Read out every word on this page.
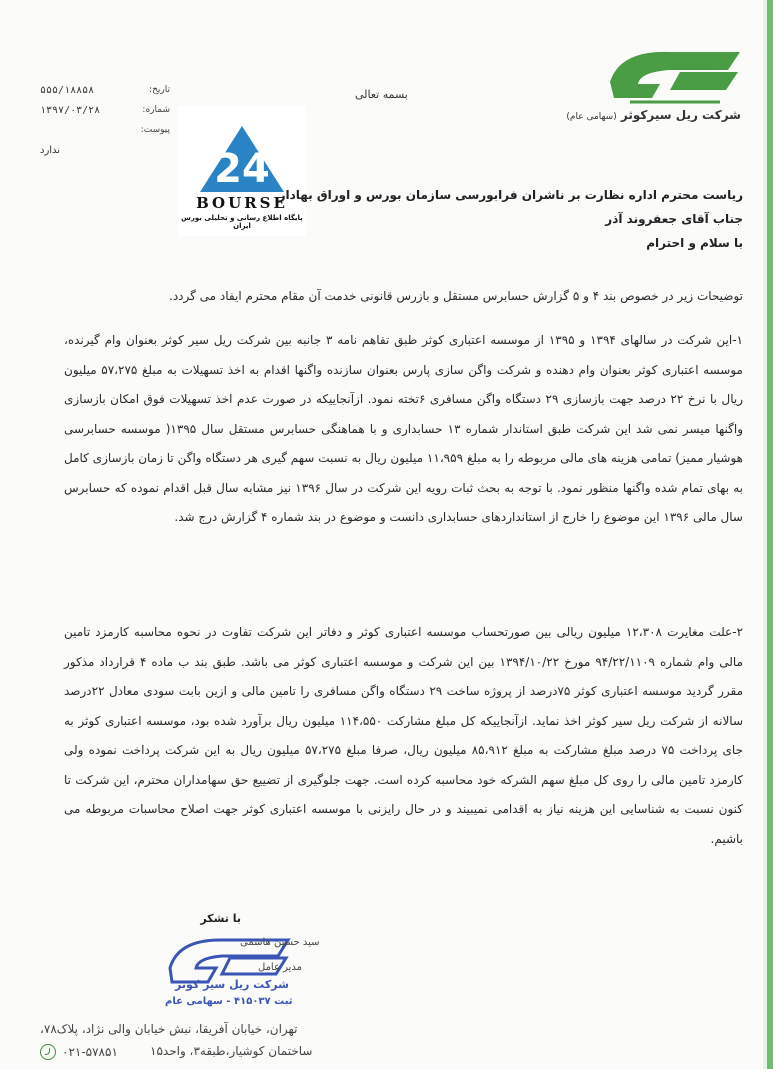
شرکت ریل سیرکوثر (سهامی عام)
بسمه تعالی
تاریخ:
۵۵۵/۱۸۸۵۸
شماره:
۱۳۹۷/۰۳/۲۸
پیوست:
ندارد	24
BOURSE
پایگاه اطلاع رسانی و تحلیلی بورس ایران
ریاست محترم اداره نظارت بر ناشران فرابورسی سازمان بورس و اوراق بهادار
جناب آقای جعفروند آذر
با سلام و احترام

توضیحات زیر در خصوص بند ۴ و ۵ گزارش حسابرس مستقل و بازرس قانونی خدمت آن مقام محترم ایفاد می گردد.

۱-این شرکت در سالهای ۱۳۹۴ و ۱۳۹۵ از موسسه اعتباری کوثر طبق تفاهم نامه ۳ جانبه بین شرکت ریل سیر کوثر بعنوان وام گیرنده، موسسه اعتباری کوثر بعنوان وام دهنده و شرکت واگن سازی پارس بعنوان سازنده واگنها اقدام به اخذ تسهیلات به مبلغ ۵۷،۲۷۵ میلیون ریال با نرخ ۲۲ درصد جهت بازسازی ۲۹ دستگاه واگن مسافری ۶تخته نمود. ازآنجاییکه در صورت عدم اخذ تسهیلات فوق امکان بازسازی واگنها میسر نمی شد این شرکت طبق استاندار شماره ۱۳ حسابداری و با هماهنگی حسابرس مستقل سال ۱۳۹۵( موسسه حسابرسی هوشیار ممیز) تمامی هزینه های مالی مربوطه را به مبلغ ۱۱،۹۵۹ میلیون ریال به نسبت سهم گیری هر دستگاه واگن تا زمان بازسازی کامل به بهای تمام شده واگنها منظور نمود. با توجه به بحث ثبات رویه این شرکت در سال ۱۳۹۶ نیز مشابه سال قبل اقدام نموده که حسابرس سال مالی ۱۳۹۶ این موضوع را خارج از استانداردهای حسابداری دانست و موضوع در بند شماره ۴ گزارش درج شد.

۲-علت مغایرت ۱۲،۳۰۸ میلیون ریالی بین صورتحساب موسسه اعتباری کوثر و دفاتر این شرکت تفاوت در نحوه محاسبه کارمزد تامین مالی وام شماره ۹۴/۲۲/۱۱۰۹ مورخ ۱۳۹۴/۱۰/۲۲ بین این شرکت و موسسه اعتباری کوثر می باشد. طبق بند ب ماده ۴ قرارداد مذکور مقرر گردید موسسه اعتباری کوثر ۷۵درصد از پروژه ساخت ۲۹ دستگاه واگن مسافری را تامین مالی و ازین بابت سودی معادل ۲۲درصد سالانه از شرکت ریل سیر کوثر اخذ نماید. ازآنجاییکه کل مبلغ مشارکت ۱۱۴،۵۵۰ میلیون ریال برآورد شده بود، موسسه اعتباری کوثر به جای پرداخت ۷۵ درصد مبلغ مشارکت به مبلغ ۸۵،۹۱۲ میلیون ریال، صرفا مبلغ ۵۷،۲۷۵ میلیون ریال به این شرکت پرداخت نموده ولی کارمزد تامین مالی را روی کل مبلغ سهم الشرکه خود محاسبه کرده است. جهت جلوگیری از تضییع حق سهامداران محترم، این شرکت تا کنون نسبت به شناسایی این هزینه نیاز به اقدامی نمیبیند و در حال رایزنی با موسسه اعتباری کوثر جهت اصلاح محاسبات مربوطه می باشیم.

با تشکر
سید حسین هاشمی
مدیر عامل
شرکت ریل سیر کوثر
ثبت ۴۱۵۰۳۷ - سهامی عام
تهران، خیابان آفریقا، نبش خیابان والی نژاد، پلاک۷۸،
ساختمان کوشیار،طبقه۳، واحد۱۵
۰۲۱-۵۷۸۵۱
